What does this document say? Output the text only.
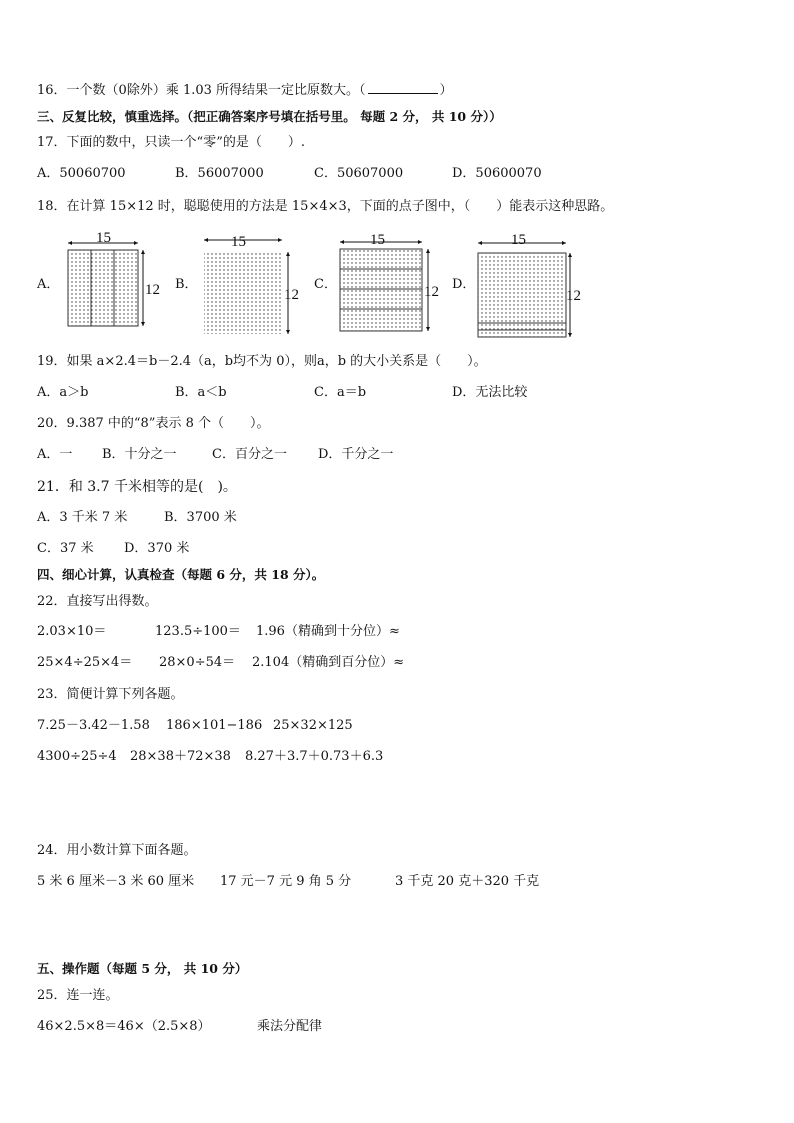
16．一个数（0除外）乘 1.03 所得结果一定比原数大。（	）
三、反复比较，慎重选择。（把正确答案序号填在括号里。 每题 2 分， 共 10 分））
17．下面的数中，只读一个“零”的是（　　）.
A．50060700	B．56007000	C．50607000	D．50600070
18．在计算 15×12 时，聪聪使用的方法是 15×4×3，下面的点子图中，（　　）能表示这种思路。
A．	B．	C．	D．
15
12
15
12
15
12
15
12
19．如果 a×2.4＝b－2.4（a，b均不为 0），则a，b 的大小关系是（　　）。
A．a＞b	B．a＜b	C．a＝b	D．无法比较
20．9.387 中的“8”表示 8 个（　　）。
A．一 B．十分之一	C．百分之一 D．千分之一
21．和 3.7 千米相等的是(　)。
A．3 千米 7 米	B．3700 米
C．37 米 D．370 米
四、细心计算，认真检查（每题 6 分，共 18 分）。
22．直接写出得数。
2.03×10＝	123.5÷100＝ 1.96（精确到十分位）≈
25×4÷25×4＝ 28×0÷54＝ 2.104（精确到百分位）≈
23．简便计算下列各题。
7.25－3.42－1.58 186×101−186 25×32×125
4300÷25÷4 28×38＋72×38 8.27＋3.7＋0.73＋6.3
24．用小数计算下面各题。
5 米 6 厘米－3 米 60 厘米 17 元－7 元 9 角 5 分	3 千克 20 克＋320 千克
五、操作题（每题 5 分， 共 10 分）
25．连一连。
46×2.5×8＝46×（2.5×8）	乘法分配律
